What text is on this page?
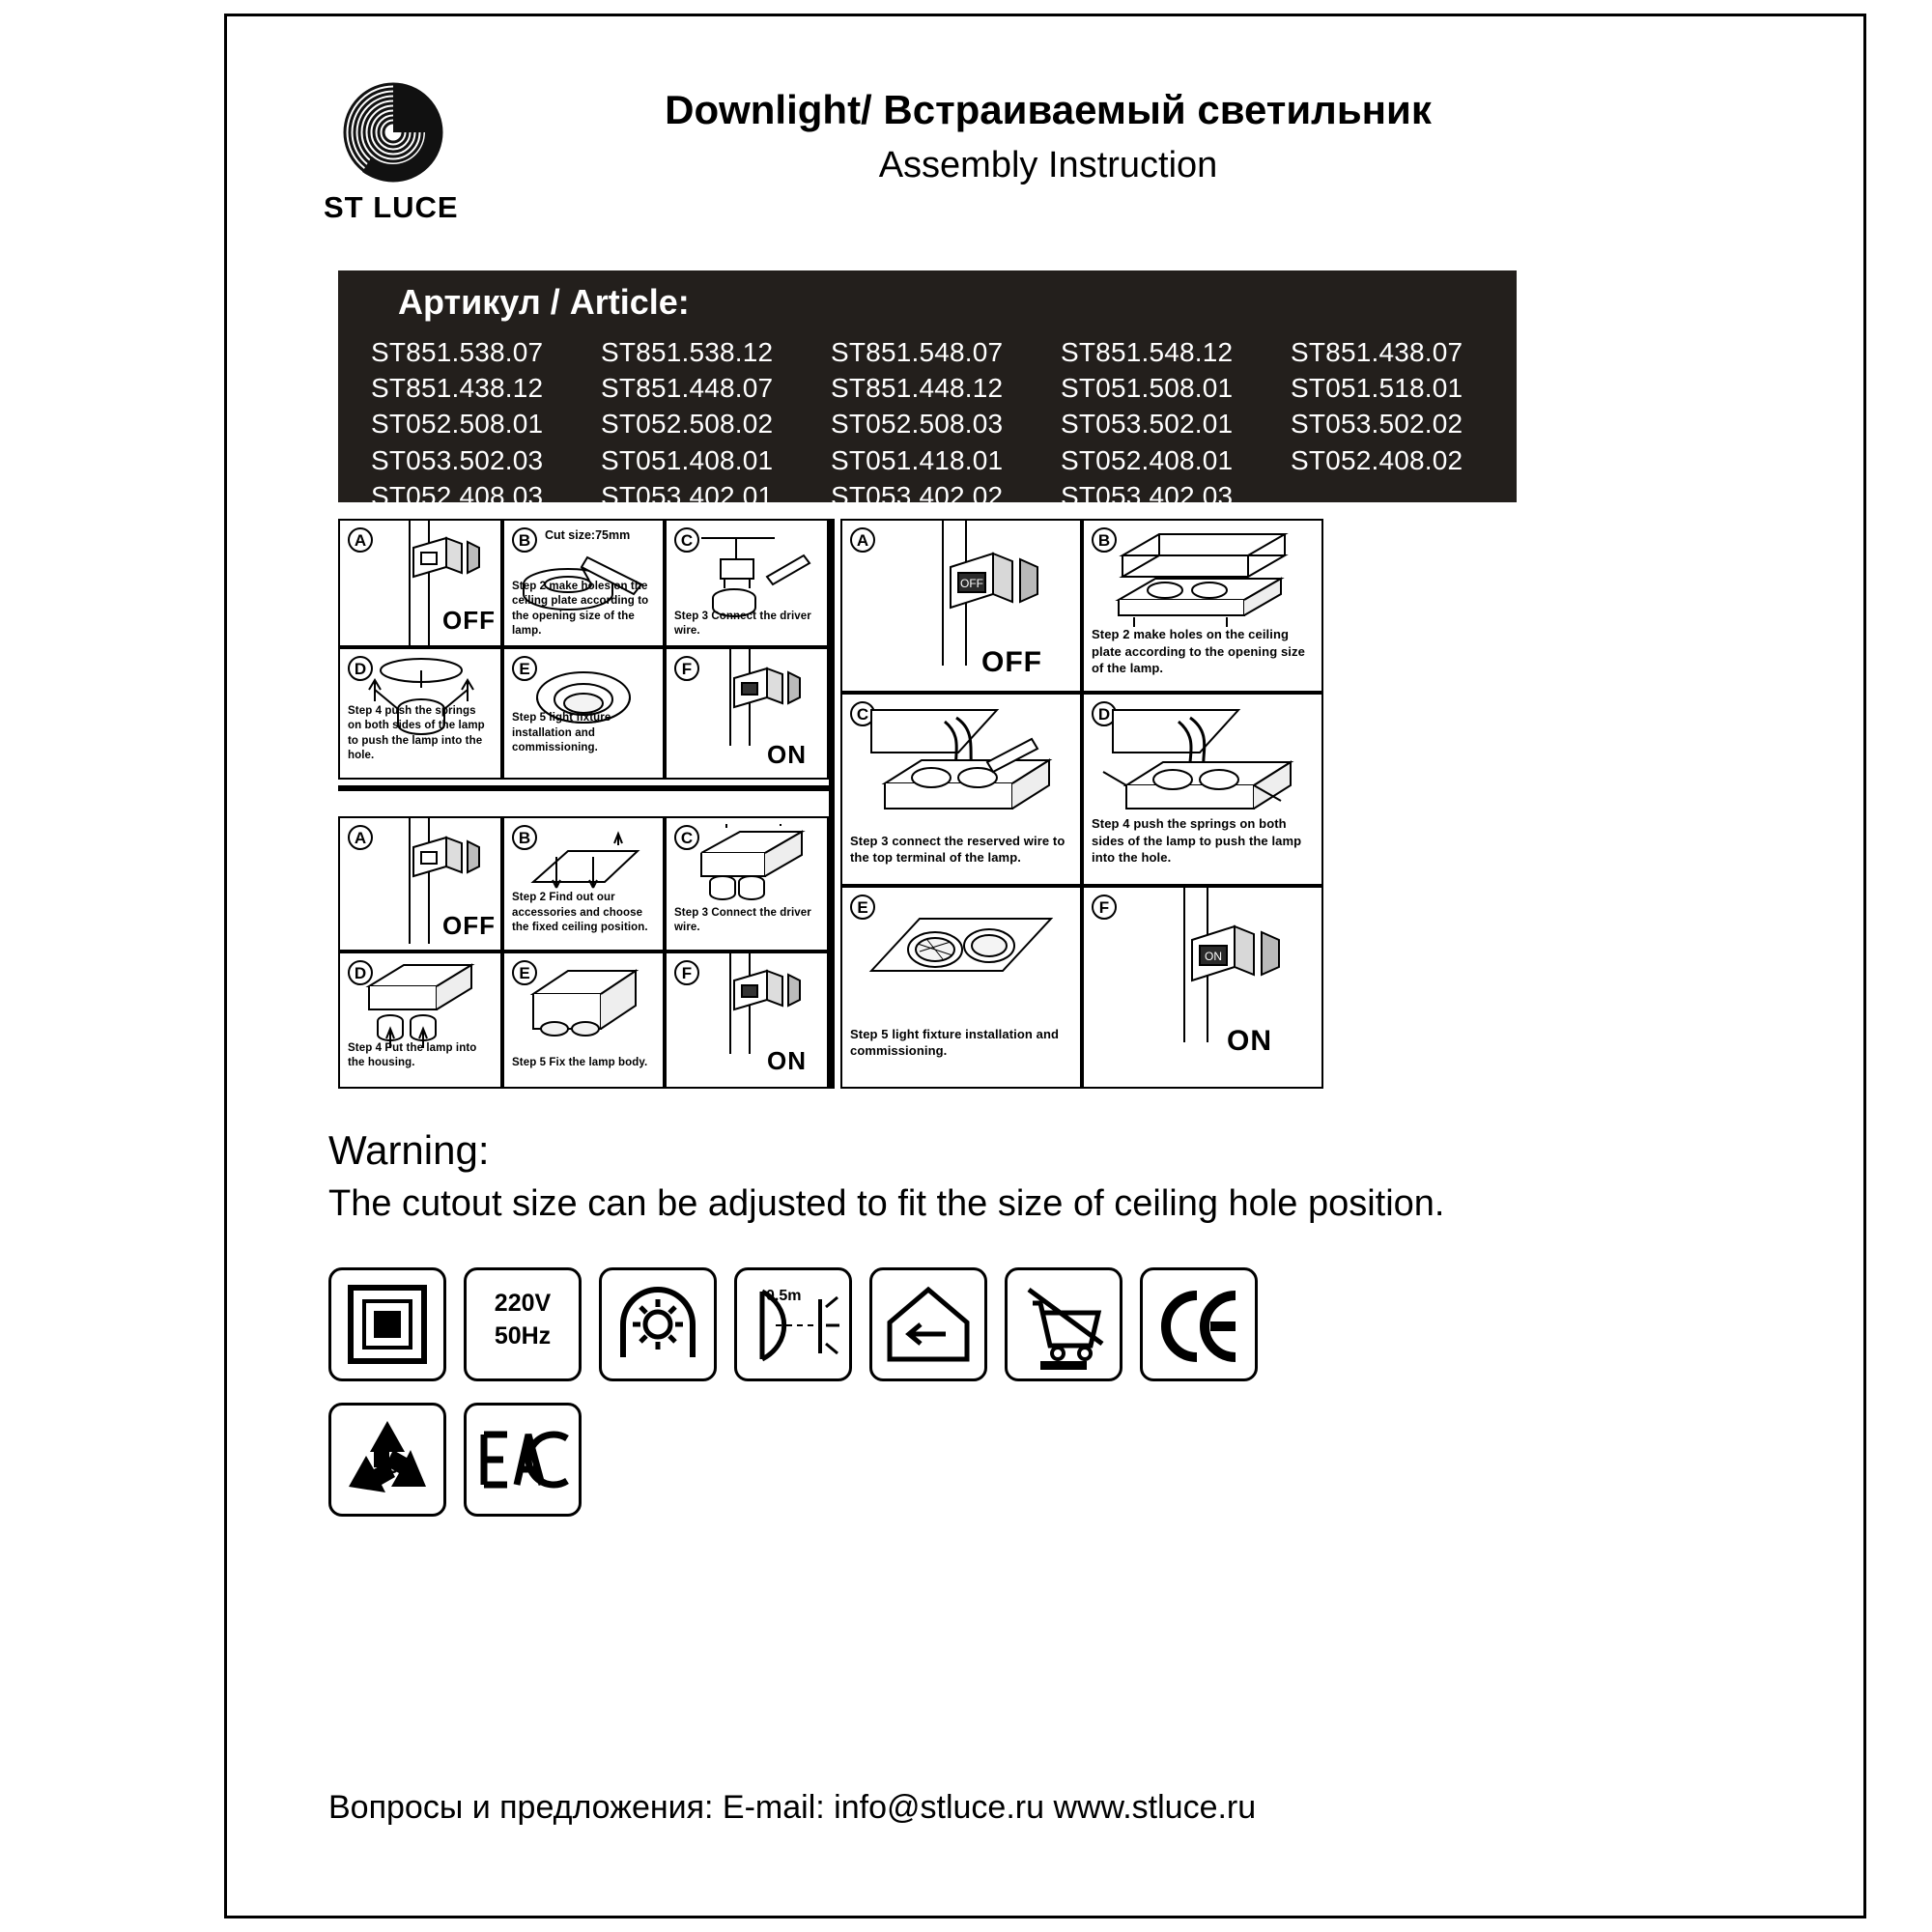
ST LUCE
Downlight/ Встраиваемый светильник
Assembly Instruction
Артикул / Article:
ST851.538.07	ST851.538.12	ST851.548.07	ST851.548.12	ST851.438.07
ST851.438.12	ST851.448.07	ST851.448.12	ST051.508.01	ST051.518.01
ST052.508.01	ST052.508.02	ST052.508.03	ST053.502.01	ST053.502.02
ST053.502.03	ST051.408.01	ST051.418.01	ST052.408.01	ST052.408.02
ST052.408.03	ST053.402.01	ST053.402.02	ST053.402.03
A
OFF
B	Cut size:75mm
Step 2 make holes on the ceiling plate according to the opening size of the lamp.
C
Step 3 Connect the driver wire.
D
Step 4 push the springs on both sides of the lamp to push the lamp into the hole.
E
Step 5 light fixture installation and commissioning.
F
ON
A
OFF
B
Step 2 Find out our accessories and choose the fixed ceiling position.
C
Step 3 Connect the driver wire.
D
Step 4 Put the lamp into the housing.
E
Step 5 Fix the lamp body.
F
ON
A
OFF
OFF
B
Step 2 make holes on the ceiling plate according to the opening size of the lamp.
C
Step 3 connect the reserved wire to the top terminal of the lamp.
D
Step 4 push the springs on both sides of the lamp to push the lamp into the hole.
E
Step 5 light fixture installation and commissioning.
F
ON
ON
Warning:
The cutout size can be adjusted to fit the size of ceiling hole position.
220V
50Hz
0.5m
20
Вопросы и предложения: E-mail: info@stluce.ru www.stluce.ru
